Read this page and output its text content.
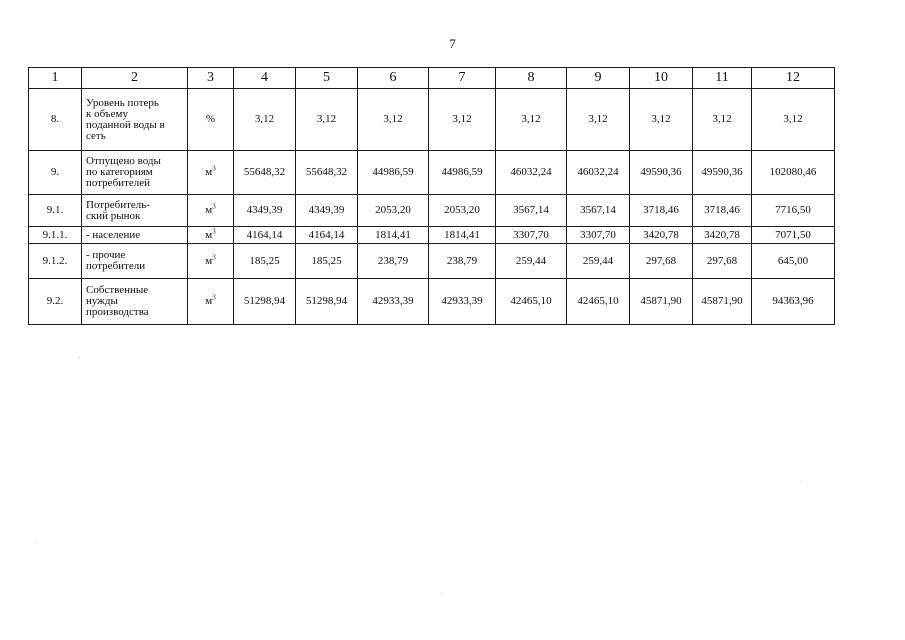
7
1	2	3	4	5	6	7	8	9	10	11	12
8.	Уровень потерь
к объему
поданной воды в
сеть	%	3,12	3,12	3,12	3,12	3,12	3,12	3,12	3,12	3,12
9.	Отпущено воды
по категориям
потребителей	$м^3$	55648,32	55648,32	44986,59	44986,59	46032,24	46032,24	49590,36	49590,36	102080,46
9.1.	Потребитель-
ский рынок	$м^3$	4349,39	4349,39	2053,20	2053,20	3567,14	3567,14	3718,46	3718,46	7716,50
9.1.1.	- население	$м^3$	4164,14	4164,14	1814,41	1814,41	3307,70	3307,70	3420,78	3420,78	7071,50
9.1.2.	- прочие
потребители	$м^3$	185,25	185,25	238,79	238,79	259,44	259,44	297,68	297,68	645,00
9.2.	Собственные
нужды
производства	$м^3$	51298,94	51298,94	42933,39	42933,39	42465,10	42465,10	45871,90	45871,90	94363,96
